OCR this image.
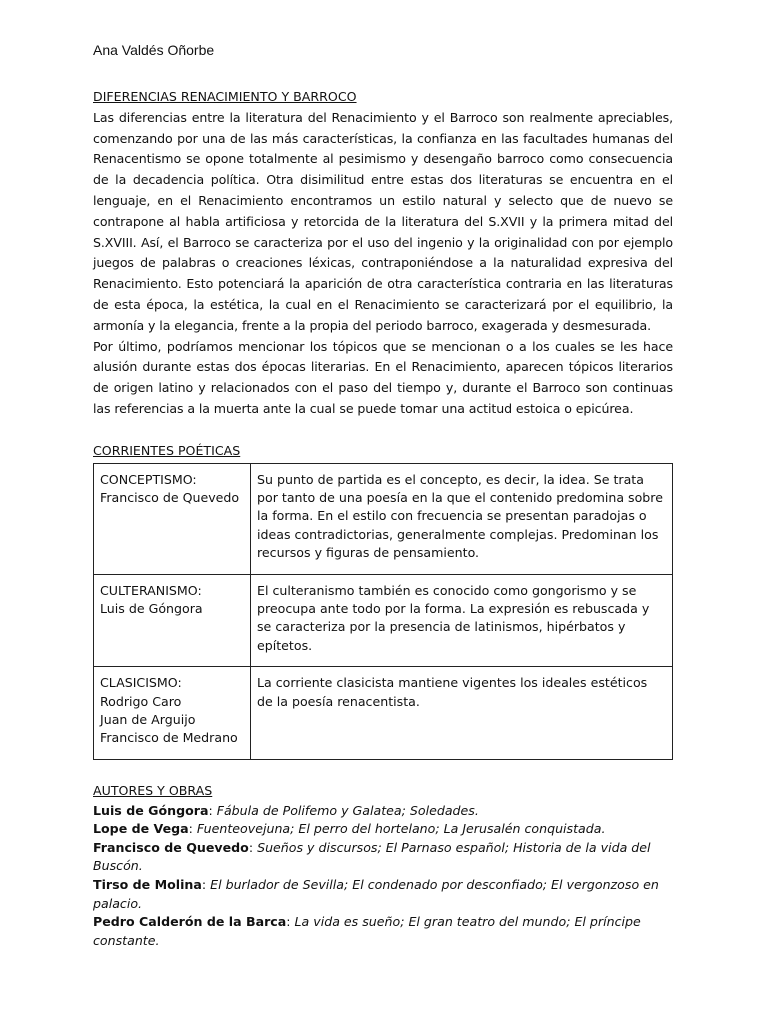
Ana Valdés Oñorbe
DIFERENCIAS RENACIMIENTO Y BARROCO

Las diferencias entre la literatura del Renacimiento y el Barroco son realmente apreciables, comenzando por una de las más características, la confianza en las facultades humanas del Renacentismo se opone totalmente al pesimismo y desengaño barroco como consecuencia de la decadencia política. Otra disimilitud entre estas dos literaturas se encuentra en el lenguaje, en el Renacimiento encontramos un estilo natural y selecto que de nuevo se contrapone al habla artificiosa y retorcida de la literatura del S.XVII y la primera mitad del S.XVIII. Así, el Barroco se caracteriza por el uso del ingenio y la originalidad con por ejemplo juegos de palabras o creaciones léxicas, contraponiéndose a la naturalidad expresiva del Renacimiento. Esto potenciará la aparición de otra característica contraria en las literaturas de esta época, la estética, la cual en el Renacimiento se caracterizará por el equilibrio, la armonía y la elegancia, frente a la propia del periodo barroco, exagerada y desmesurada.

Por último, podríamos mencionar los tópicos que se mencionan o a los cuales se les hace alusión durante estas dos épocas literarias. En el Renacimiento, aparecen tópicos literarios de origen latino y relacionados con el paso del tiempo y, durante el Barroco son continuas las referencias a la muerta ante la cual se puede tomar una actitud estoica o epicúrea.

CORRIENTES POÉTICAS
CONCEPTISMO:
Francisco de Quevedo	Su punto de partida es el concepto, es decir, la idea. Se trata por tanto de una poesía en la que el contenido predomina sobre la forma. En el estilo con frecuencia se presentan paradojas o ideas contradictorias, generalmente complejas. Predominan los recursos y figuras de pensamiento.

CULTERANISMO:
Luis de Góngora	El culteranismo también es conocido como gongorismo y se preocupa ante todo por la forma. La expresión es rebuscada y se caracteriza por la presencia de latinismos, hipérbatos y epítetos.

CLASICISMO:
Rodrigo Caro
Juan de Arguijo
Francisco de Medrano	La corriente clasicista mantiene vigentes los ideales estéticos de la poesía renacentista.
AUTORES Y OBRAS

Luis de Góngora: Fábula de Polifemo y Galatea; Soledades.

Lope de Vega: Fuenteovejuna; El perro del hortelano; La Jerusalén conquistada.

Francisco de Quevedo: Sueños y discursos; El Parnaso español; Historia de la vida del Buscón.

Tirso de Molina: El burlador de Sevilla; El condenado por desconfiado; El vergonzoso en palacio.

Pedro Calderón de la Barca: La vida es sueño; El gran teatro del mundo; El príncipe constante.
